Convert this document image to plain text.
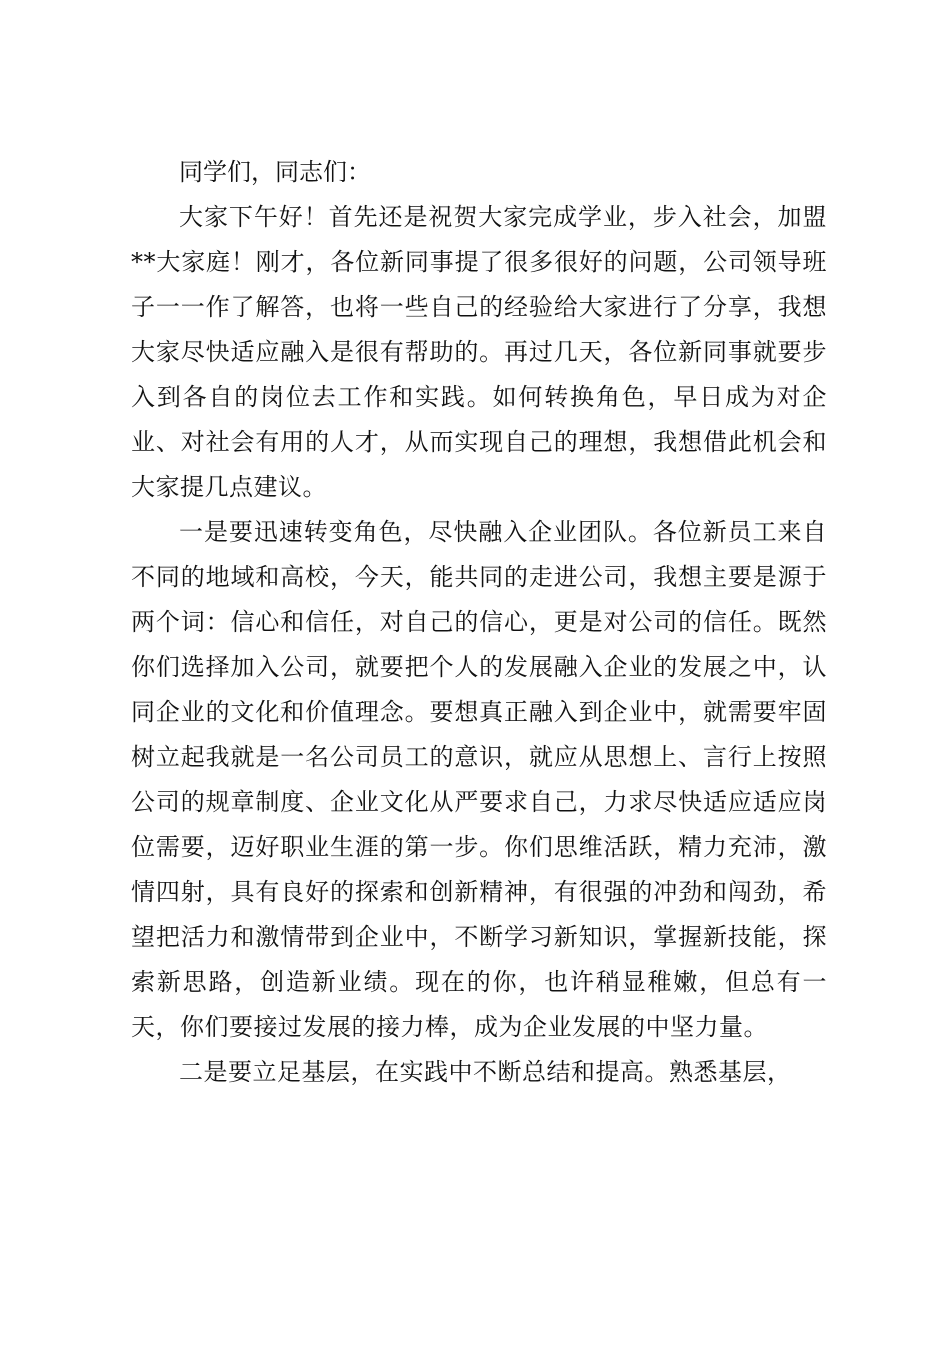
同学们，同志们：

大家下午好！首先还是祝贺大家完成学业，步入社会，加盟**大家庭！刚才，各位新同事提了很多很好的问题，公司领导班子一一作了解答，也将一些自己的经验给大家进行了分享，我想大家尽快适应融入是很有帮助的。再过几天，各位新同事就要步入到各自的岗位去工作和实践。如何转换角色，早日成为对企业、对社会有用的人才，从而实现自己的理想，我想借此机会和大家提几点建议。

一是要迅速转变角色，尽快融入企业团队。各位新员工来自不同的地域和高校，今天，能共同的走进公司，我想主要是源于两个词：信心和信任，对自己的信心，更是对公司的信任。既然你们选择加入公司，就要把个人的发展融入企业的发展之中，认同企业的文化和价值理念。要想真正融入到企业中，就需要牢固树立起我就是一名公司员工的意识，就应从思想上、言行上按照公司的规章制度、企业文化从严要求自己，力求尽快适应适应岗位需要，迈好职业生涯的第一步。你们思维活跃，精力充沛，激情四射，具有良好的探索和创新精神，有很强的冲劲和闯劲，希望把活力和激情带到企业中，不断学习新知识，掌握新技能，探索新思路，创造新业绩。现在的你，也许稍显稚嫩，但总有一天，你们要接过发展的接力棒，成为企业发展的中坚力量。

二是要立足基层，在实践中不断总结和提高。熟悉基层，
